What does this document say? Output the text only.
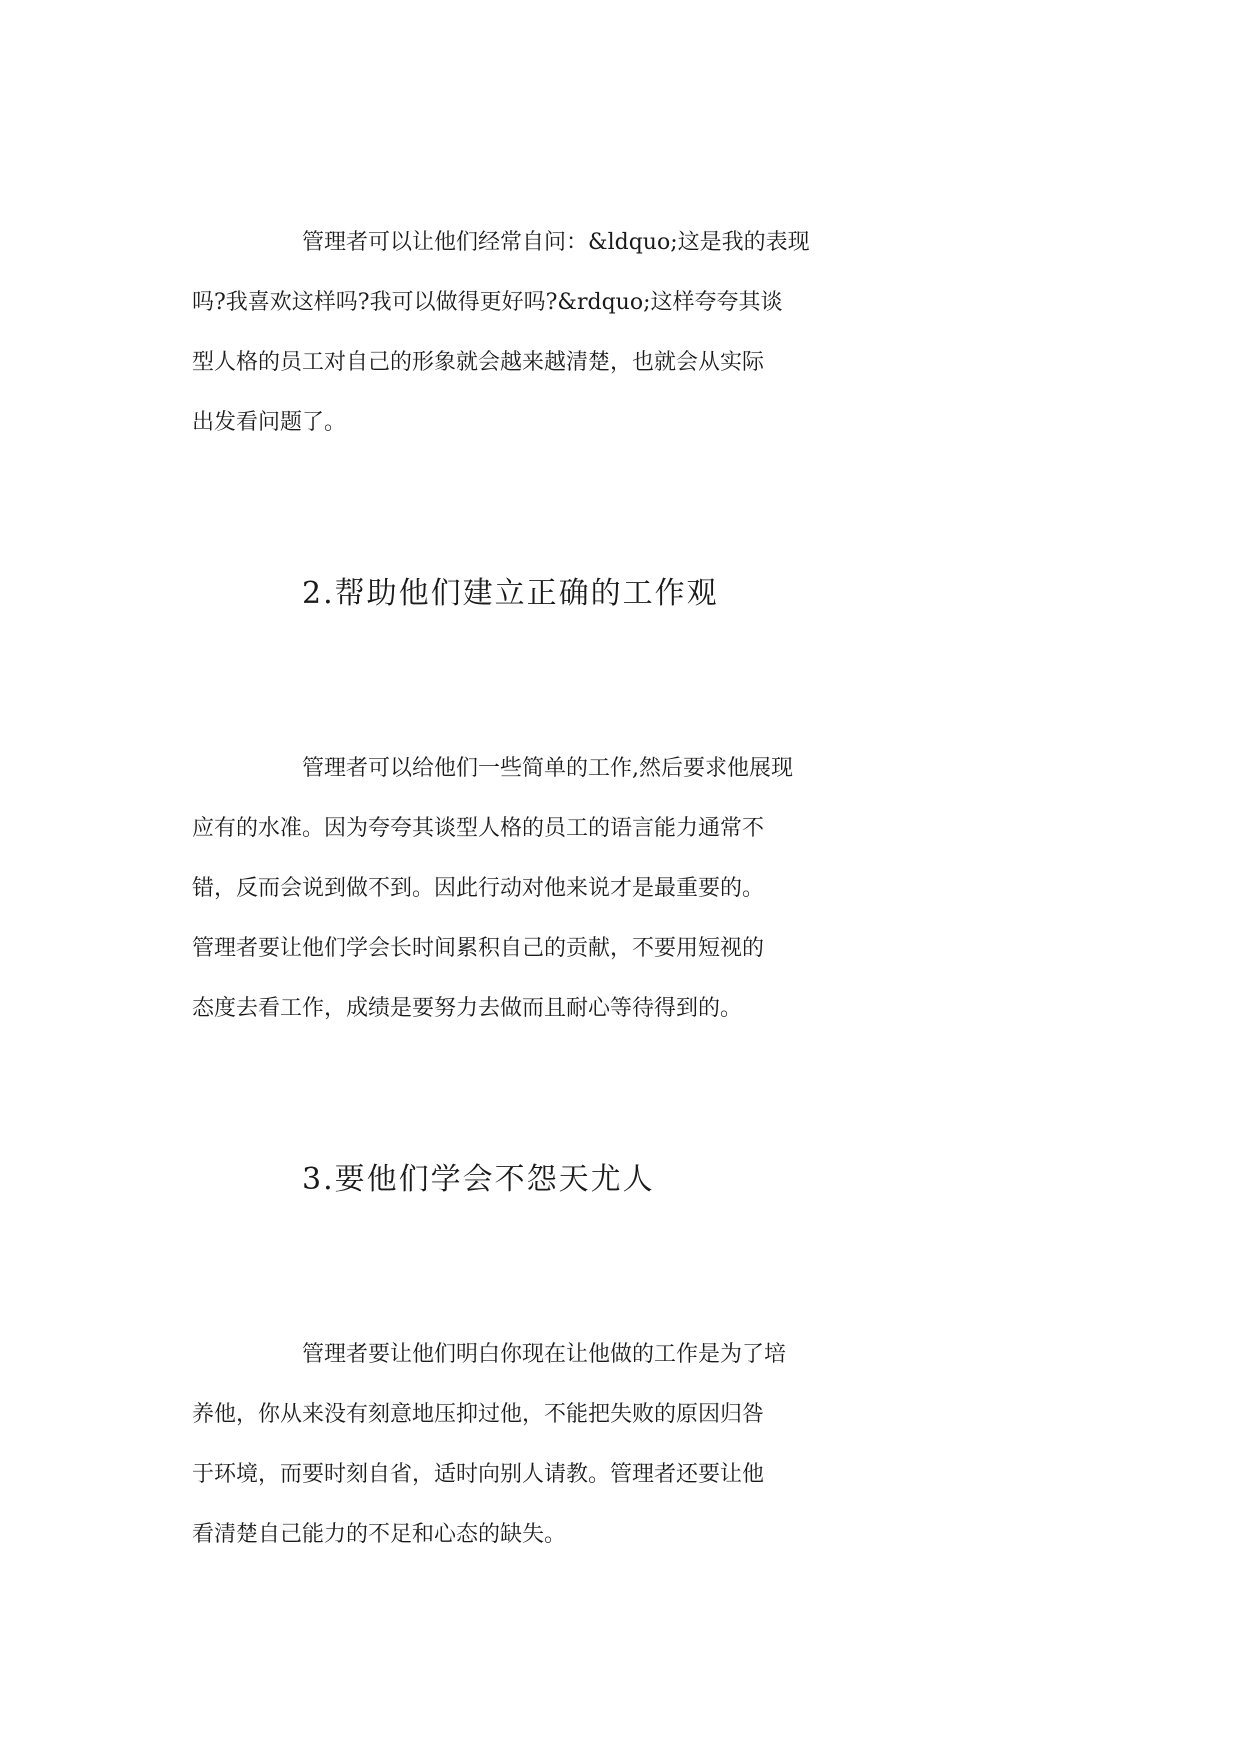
管理者可以让他们经常自问：&ldquo;这是我的表现
吗?我喜欢这样吗?我可以做得更好吗?&rdquo;这样夸夸其谈
型人格的员工对自己的形象就会越来越清楚，也就会从实际
出发看问题了。
2.帮助他们建立正确的工作观
管理者可以给他们一些简单的工作,然后要求他展现
应有的水准。因为夸夸其谈型人格的员工的语言能力通常不
错，反而会说到做不到。因此行动对他来说才是最重要的。
管理者要让他们学会长时间累积自己的贡献，不要用短视的
态度去看工作，成绩是要努力去做而且耐心等待得到的。
3.要他们学会不怨天尤人
管理者要让他们明白你现在让他做的工作是为了培
养他，你从来没有刻意地压抑过他，不能把失败的原因归咎
于环境，而要时刻自省，适时向别人请教。管理者还要让他
看清楚自己能力的不足和心态的缺失。
